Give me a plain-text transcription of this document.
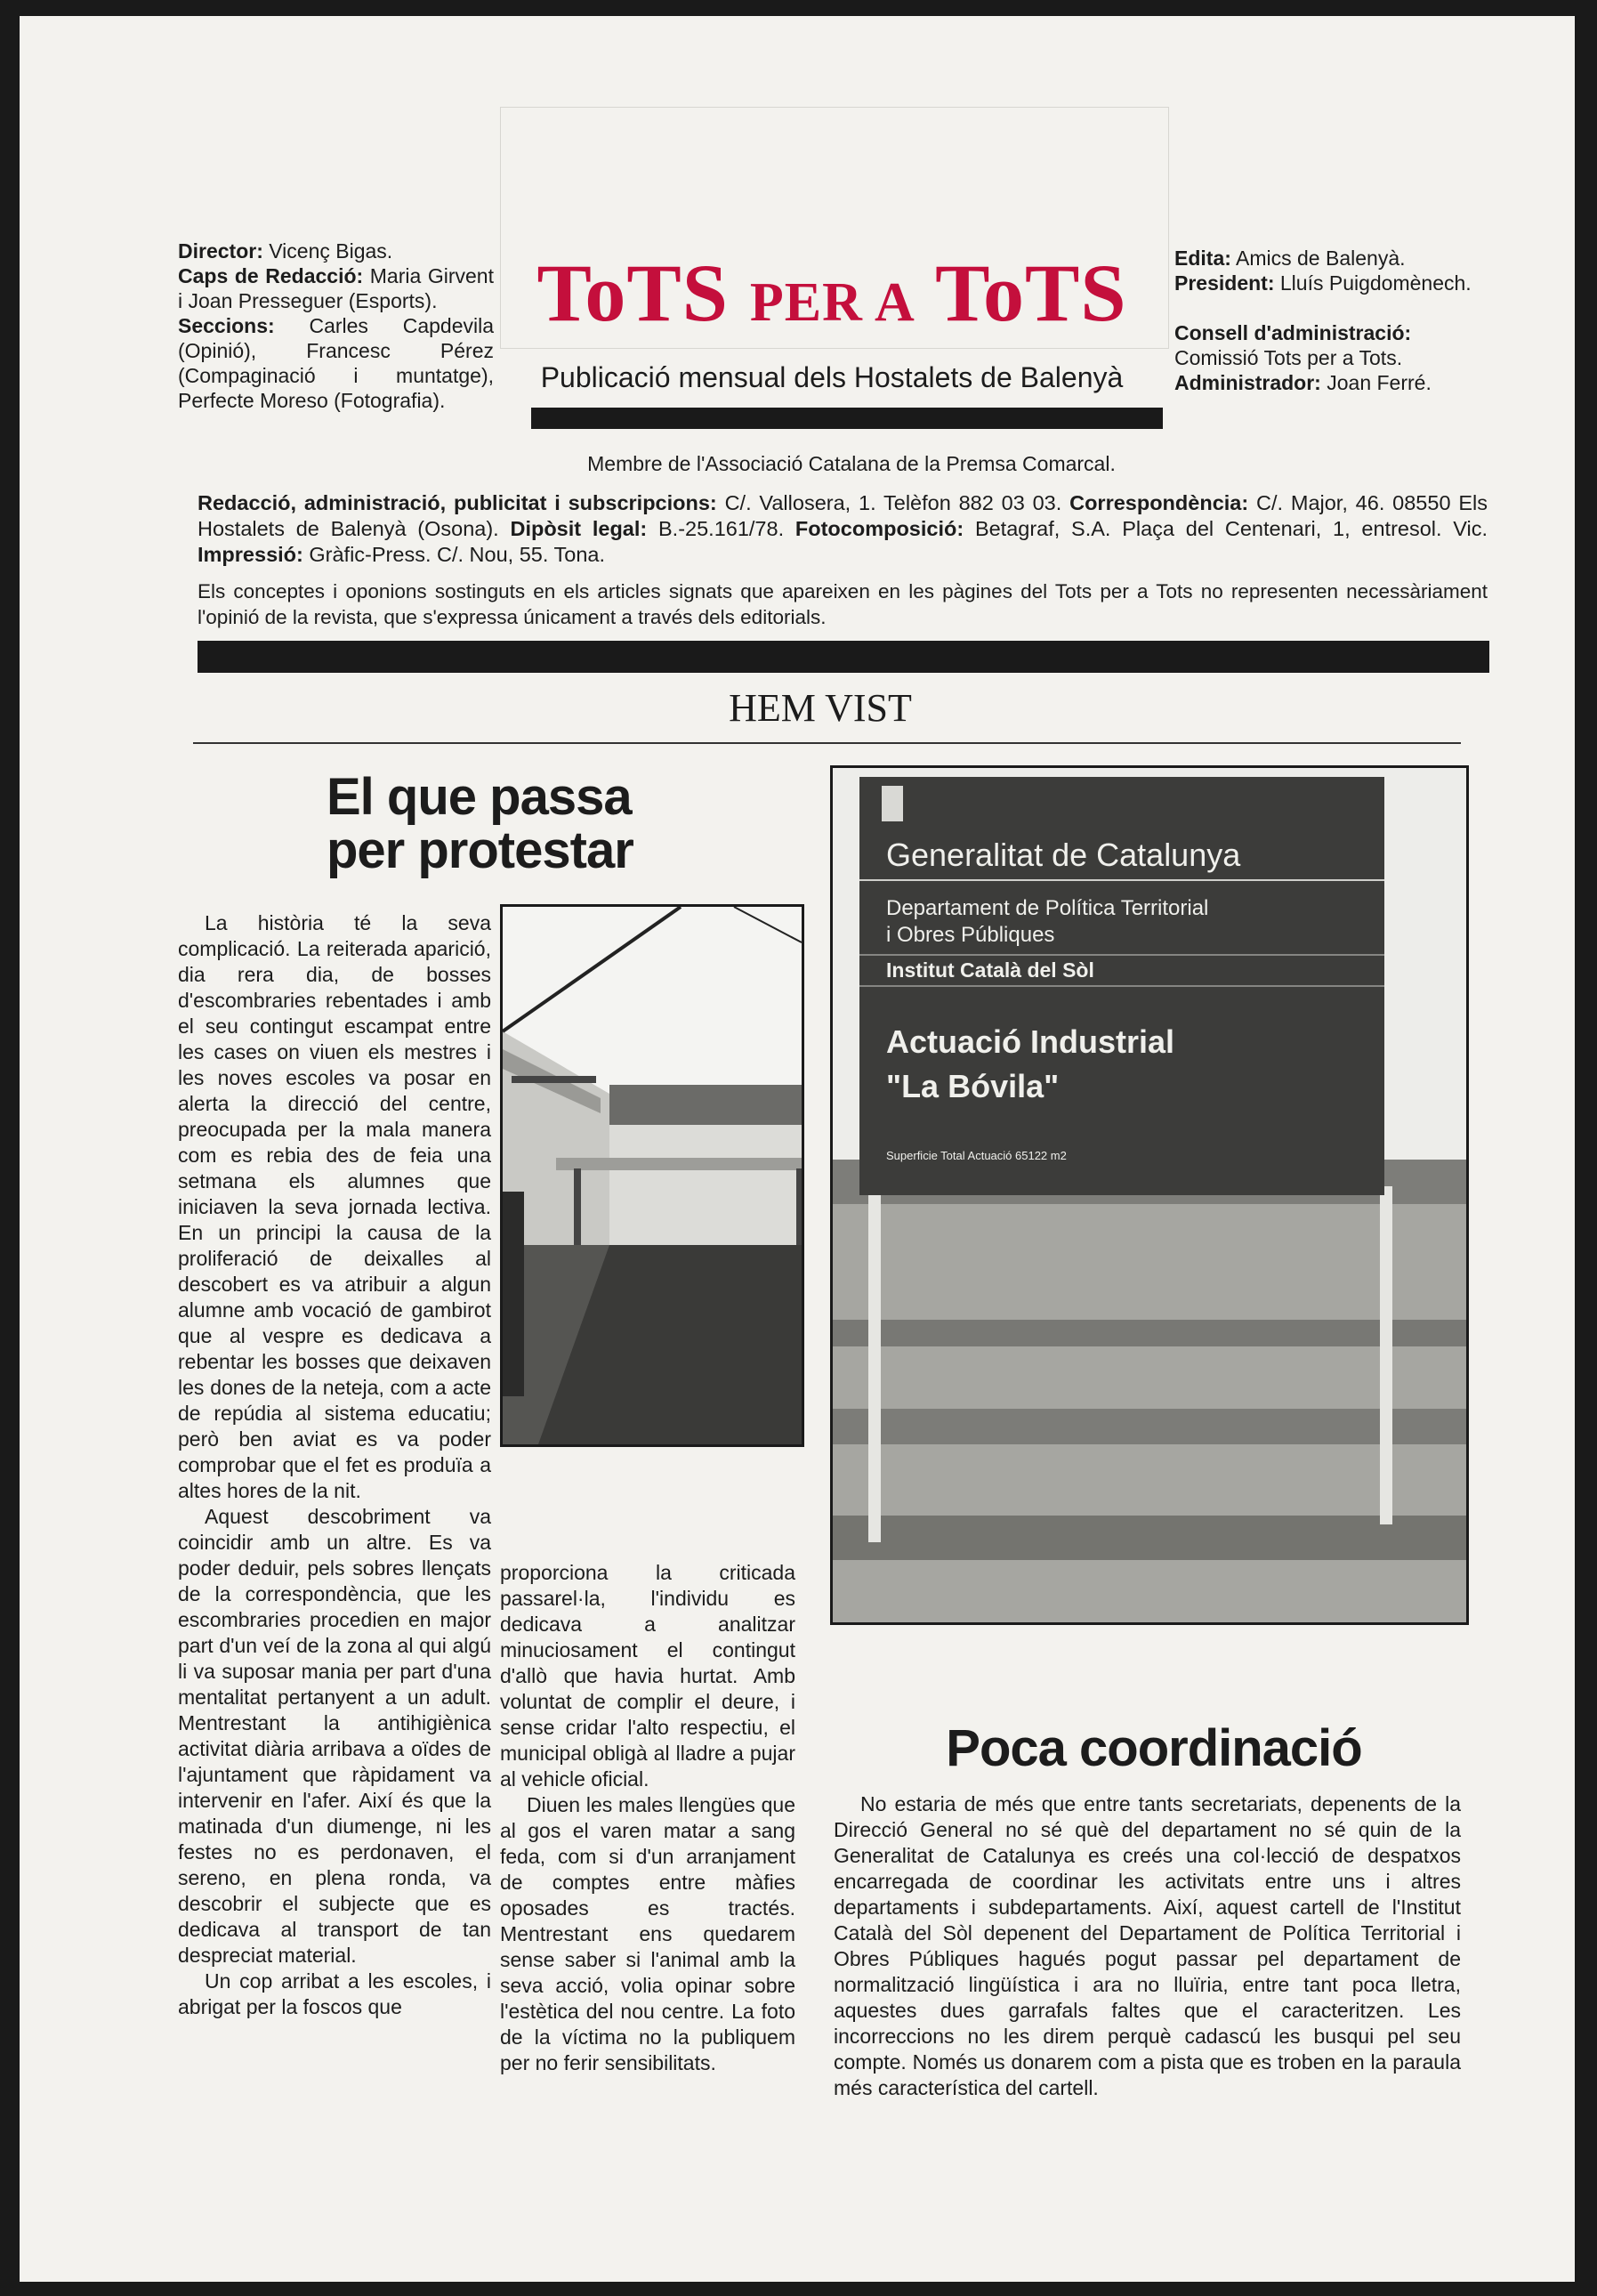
Director: Vicenç Bigas.

Caps de Redacció: Maria Girvent i Joan Presseguer (Esports).

Seccions: Carles Capdevila (Opinió), Francesc Pérez (Compaginació i muntatge), Perfecte Moreso (Fotografia).

ToTS PER A ToTS
Publicació mensual dels Hostalets de Balenyà
Membre de l'Associació Catalana de la Premsa Comarcal.

Edita: Amics de Balenyà.

President: Lluís Puigdomènech.

Consell d'administració: Comissió Tots per a Tots.

Administrador: Joan Ferré.

Redacció, administració, publicitat i subscripcions: C/. Vallosera, 1. Telèfon 882 03 03. Correspondència: C/. Major, 46. 08550 Els Hostalets de Balenyà (Osona). Dipòsit legal: B.-25.161/78. Fotocomposició: Betagraf, S.A. Plaça del Centenari, 1, entresol. Vic. Impressió: Gràfic-Press. C/. Nou, 55. Tona.
Els conceptes i oponions sostinguts en els articles signats que apareixen en les pàgines del Tots per a Tots no representen necessàriament l'opinió de la revista, que s'expressa únicament a través dels editorials.
HEM VIST
El que passa
per protestar

La història té la seva complicació. La reiterada aparició, dia rera dia, de bosses d'escombraries rebentades i amb el seu contingut escampat entre les cases on viuen els mestres i les noves escoles va posar en alerta la direcció del centre, preocupada per la mala manera com es rebia des de feia una setmana els alumnes que iniciaven la seva jornada lectiva. En un principi la causa de la proliferació de deixalles al descobert es va atribuir a algun alumne amb vocació de gambirot que al vespre es dedicava a rebentar les bosses que deixaven les dones de la neteja, com a acte de repúdia al sistema educatiu; però ben aviat es va poder comprobar que el fet es produïa a altes hores de la nit.

Aquest descobriment va coincidir amb un altre. Es va poder deduir, pels sobres llençats de la correspondència, que les escombraries procedien en major part d'un veí de la zona al qui algú li va suposar mania per part d'una mentalitat pertanyent a un adult. Mentrestant la antihigiènica activitat diària arribava a oïdes de l'ajuntament que ràpidament va intervenir en l'afer. Així és que la matinada d'un diumenge, ni les festes no es perdonaven, el sereno, en plena ronda, va descobrir el subjecte que es dedicava al transport de tan despreciat material.

Un cop arribat a les escoles, i abrigat per la foscos que

proporciona la criticada passarel·la, l'individu es dedicava a analitzar minuciosament el contingut d'allò que havia hurtat. Amb voluntat de complir el deure, i sense cridar l'alto respectiu, el municipal obligà al lladre a pujar al vehicle oficial.

Diuen les males llengües que al gos el varen matar a sang feda, com si d'un arranjament de comptes entre màfies oposades es tractés. Mentrestant ens quedarem sense saber si l'animal amb la seva acció, volia opinar sobre l'estètica del nou centre. La foto de la víctima no la publiquem per no ferir sensibilitats.

Generalitat de Catalunya
Departament de Política Territorial
i Obres Públiques
Institut Català del Sòl
Actuació Industrial
"La Bóvila"
Superficie Total Actuació 65122 m2
Poca coordinació

No estaria de més que entre tants secretariats, depenents de la Direcció General no sé què del departament no sé quin de la Generalitat de Catalunya es creés una col·lecció de despatxos encarregada de coordinar les activitats entre uns i altres departaments i subdepartaments. Així, aquest cartell de l'Institut Català del Sòl depenent del Departament de Política Territorial i Obres Públiques hagués pogut passar pel departament de normalització lingüística i ara no lluïria, entre tant poca lletra, aquestes dues garrafals faltes que el caracteritzen. Les incorreccions no les direm perquè cadascú les busqui pel seu compte. Només us donarem com a pista que es troben en la paraula més característica del cartell.
